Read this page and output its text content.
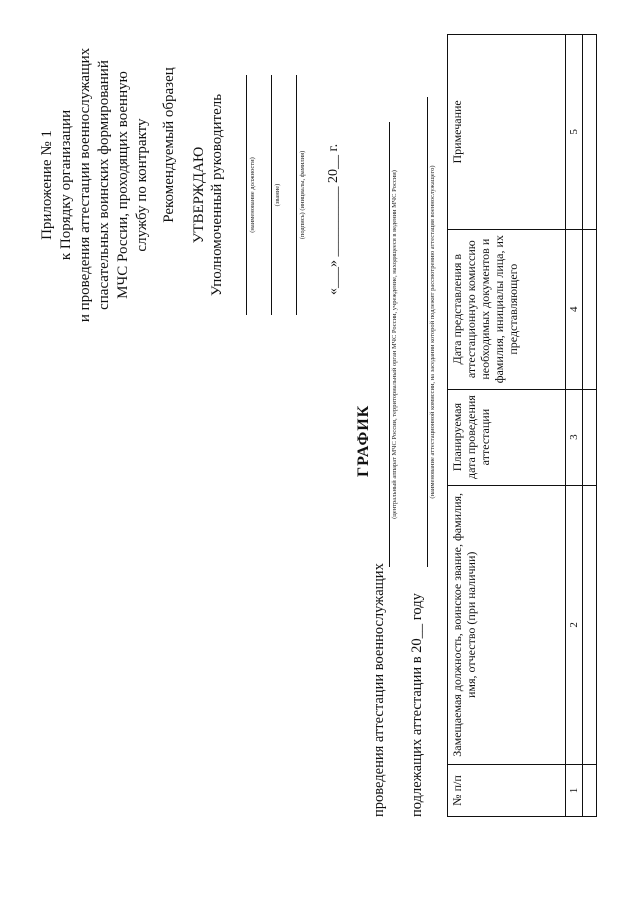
Приложение № 1 к Порядку организации и проведения аттестации военнослужащих спасательных воинских формирований МЧС России, проходящих военную службу по контракту Рекомендуемый образец УТВЕРЖДАЮ Уполномоченный руководитель	(наименование должности)	(звание)	(подпись) (инициалы, фамилия) «___» __________ 20__ г.
ГРАФИК
проведения аттестации военнослужащих
(центральный аппарат МЧС России, территориальный орган МЧС России, учреждение, находящееся в ведении МЧС России)
подлежащих аттестации в 20__ году
(наименование аттестационной комиссии, на заседании которой подлежит рассмотрению аттестация военнослужащего)
№ п/п	Замещаемая должность, воинское звание, фамилия, имя, отчество (при наличии)	Планируемая дата проведения аттестации	Дата представления в аттестационную комиссию необходимых документов и фамилия, инициалы лица, их представляющего	Примечание
1	2	3	4	5
